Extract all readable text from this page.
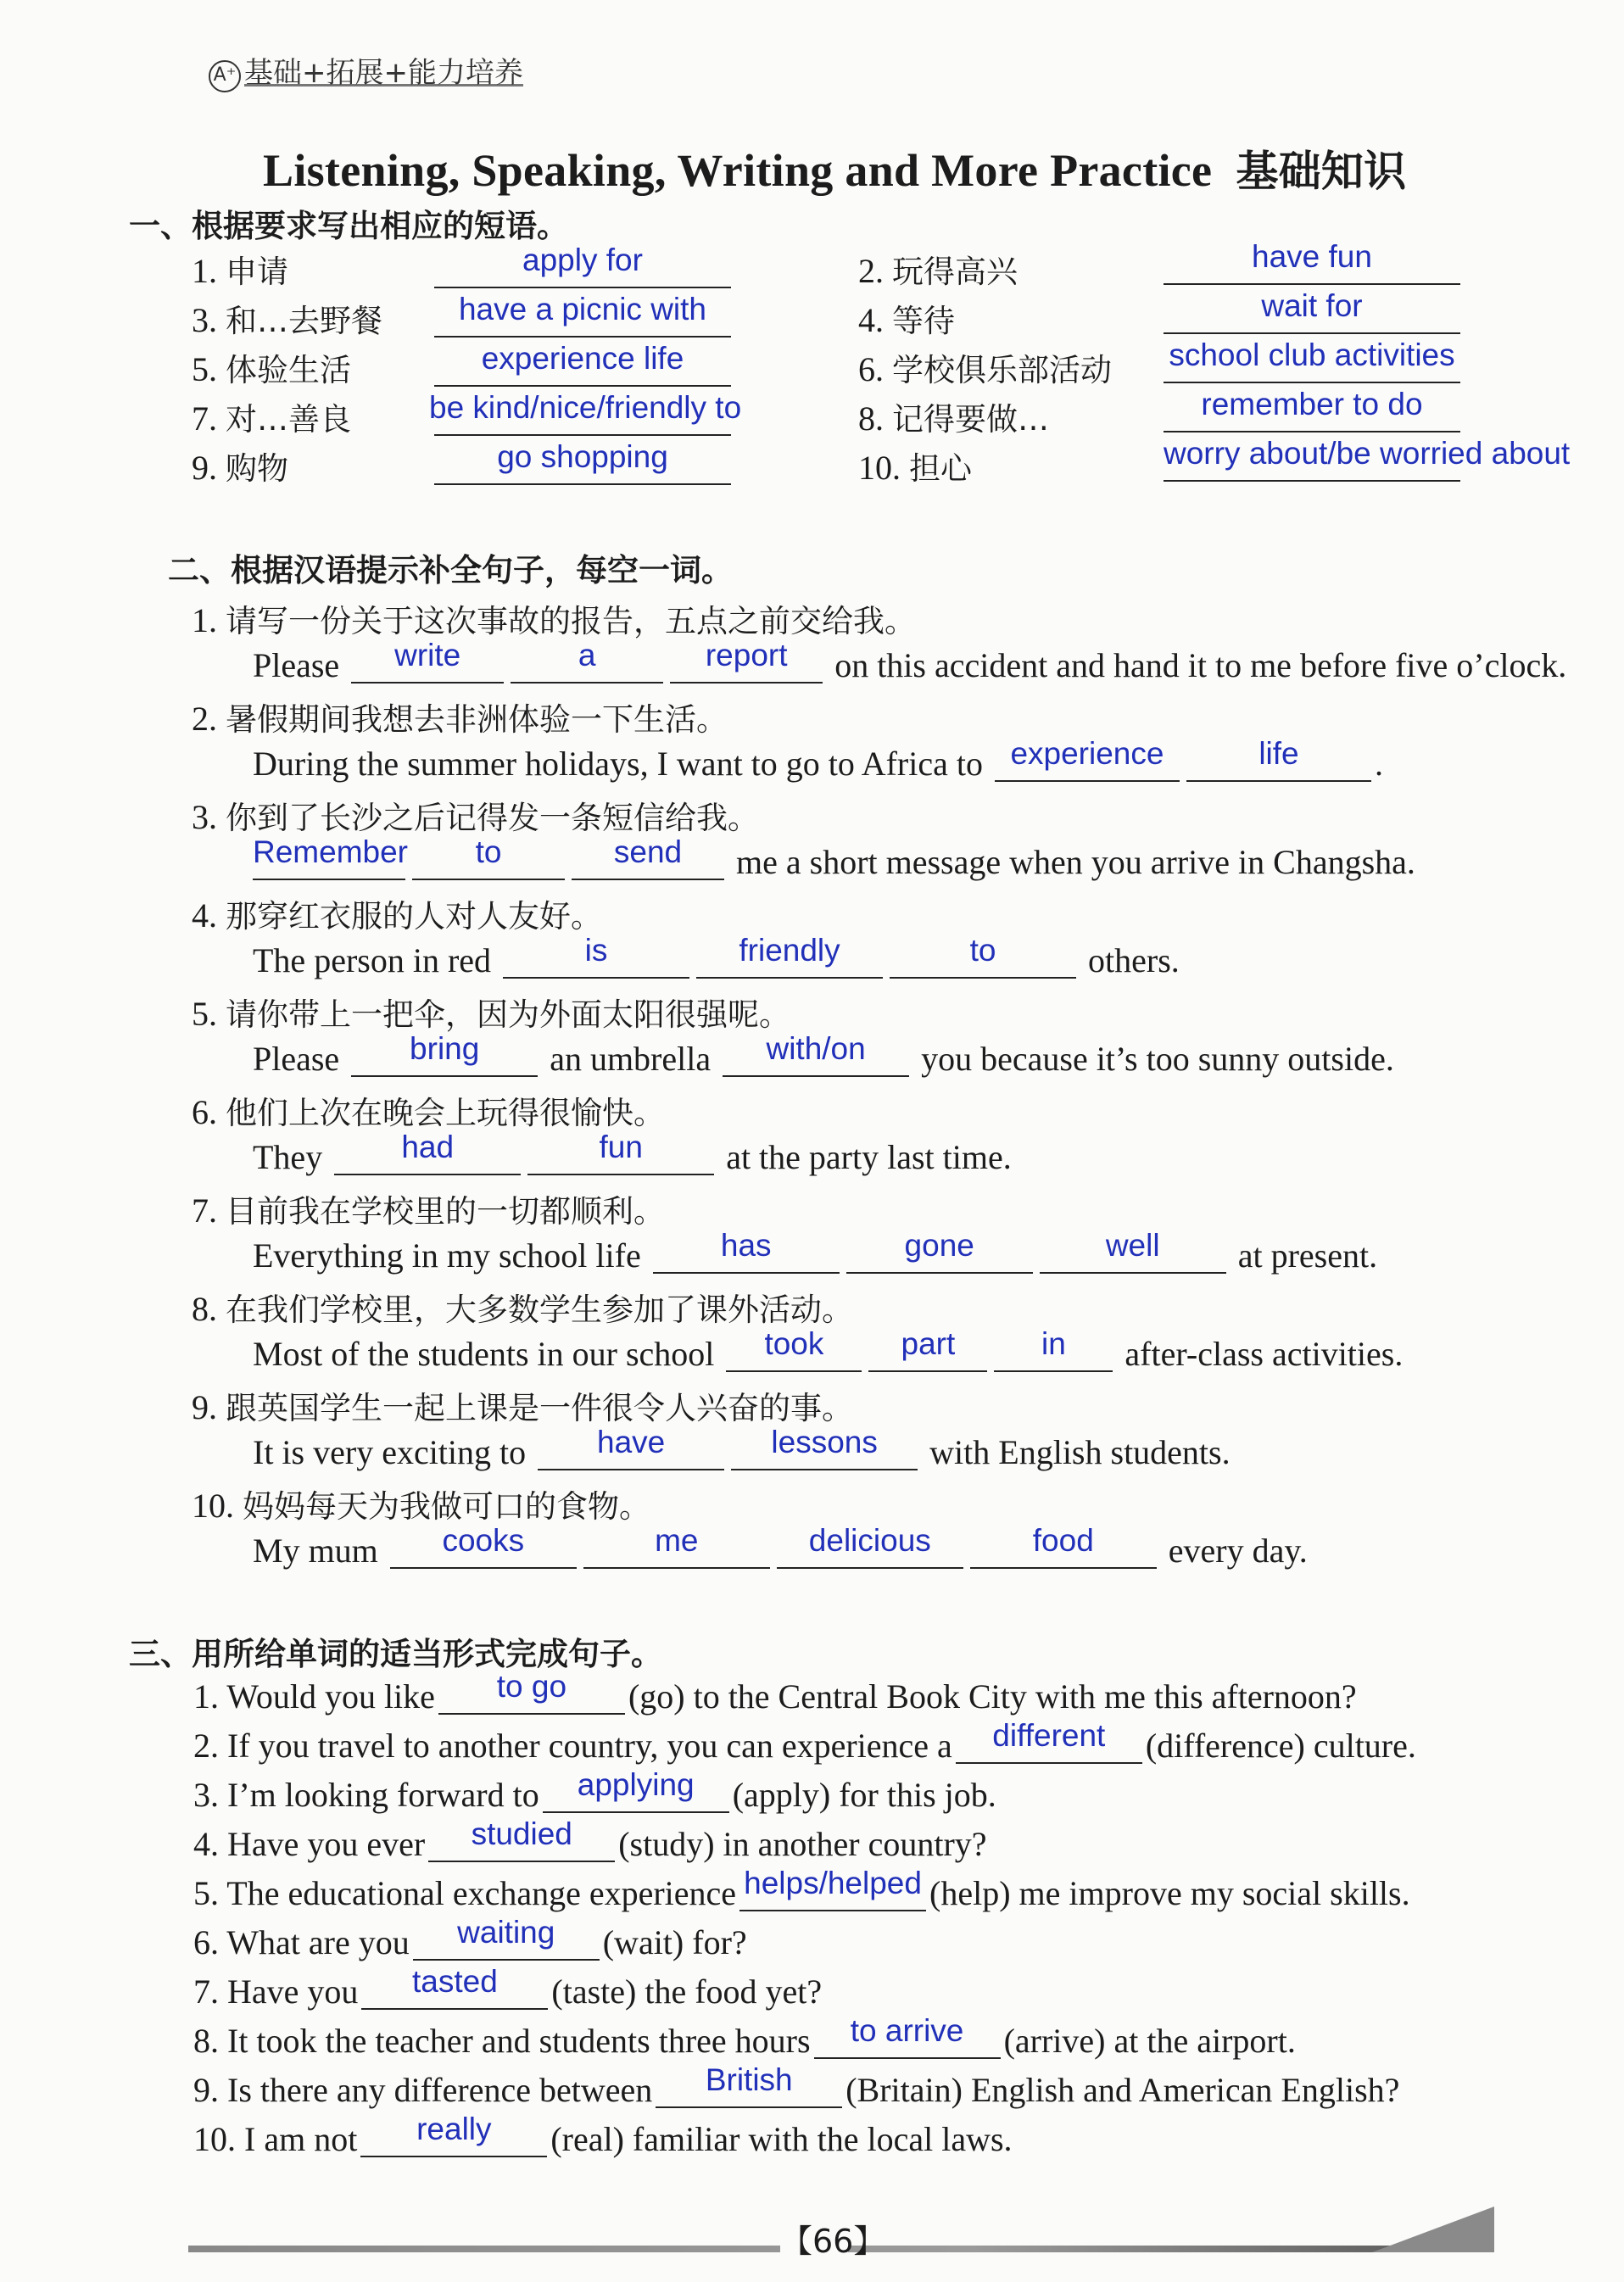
A⁺ 基础+拓展+能力培养
Listening, Speaking, Writing and More Practice 基础知识
一、根据要求写出相应的短语。
1. 申请	apply for
3. 和…去野餐	have a picnic with
5. 体验生活	experience life
7. 对…善良 be kind/nice/friendly to
9. 购物	go shopping
2. 玩得高兴	have fun
4. 等待	wait for
6. 学校俱乐部活动	school club activities
8. 记得要做…	remember to do
10. 担心	worry about/be worried about
二、根据汉语提示补全句子，每空一词。
1. 请写一份关于这次事故的报告，五点之前交给我。
Please	write	a	report	on this accident and hand it to me before five o’clock.
2. 暑假期间我想去非洲体验一下生活。
During the summer holidays, I want to go to Africa to experience	life	.
3. 你到了长沙之后记得发一条短信给我。
Remember	to	send	me a short message when you arrive in Changsha.
4. 那穿红衣服的人对人友好。
The person in red	is	friendly	to	others.
5. 请你带上一把伞，因为外面太阳很强呢。
Please	bring	an umbrella	with/on	you because it’s too sunny outside.
6. 他们上次在晚会上玩得很愉快。
They	had	fun	at the party last time.
7. 目前我在学校里的一切都顺利。
Everything in my school life	has	gone	well	at present.
8. 在我们学校里，大多数学生参加了课外活动。
Most of the students in our school	took	part	in	after-class activities.
9. 跟英国学生一起上课是一件很令人兴奋的事。
It is very exciting to	have	lessons	with English students.
10. 妈妈每天为我做可口的食物。
My mum	cooks	me	delicious	food	every day.
三、用所给单词的适当形式完成句子。
1. Would you like	to go	(go) to the Central Book City with me this afternoon?
2. If you travel to another country, you can experience a	different	(difference) culture.
3. I’m looking forward to	applying	(apply) for this job.
4. Have you ever	studied	(study) in another country?
5. The educational exchange experience helps/helped (help) me improve my social skills.
6. What are you	waiting	(wait) for?
7. Have you	tasted	(taste) the food yet?
8. It took the teacher and students three hours	to arrive	(arrive) at the airport.
9. Is there any difference between	British	(Britain) English and American English?
10. I am not	really	(real) familiar with the local laws.
【66】
